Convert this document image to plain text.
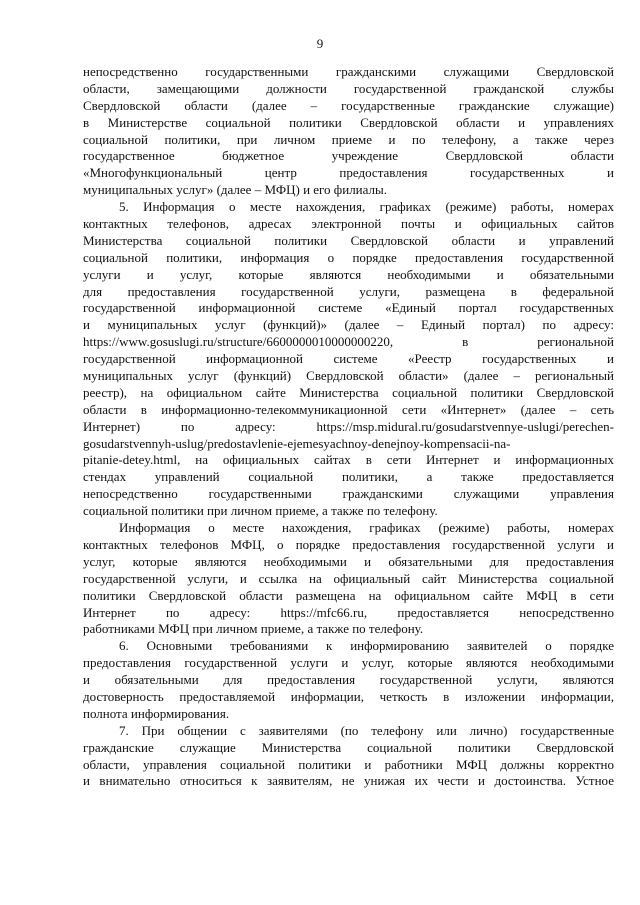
9
непосредственно государственными гражданскими служащими Свердловской
области, замещающими должности государственной гражданской службы
Свердловской области (далее – государственные гражданские служащие)
в Министерстве социальной политики Свердловской области и управлениях
социальной политики, при личном приеме и по телефону, а также через
государственное бюджетное учреждение Свердловской области
«Многофункциональный центр предоставления государственных и
муниципальных услуг» (далее – МФЦ) и его филиалы.
5. Информация о месте нахождения, графиках (режиме) работы, номерах
контактных телефонов, адресах электронной почты и официальных сайтов
Министерства социальной политики Свердловской области и управлений
социальной политики, информация о порядке предоставления государственной
услуги и услуг, которые являются необходимыми и обязательными
для предоставления государственной услуги, размещена в федеральной
государственной информационной системе «Единый портал государственных
и муниципальных услуг (функций)» (далее – Единый портал) по адресу:
https://www.gosuslugi.ru/structure/6600000010000000220, в региональной
государственной информационной системе «Реестр государственных и
муниципальных услуг (функций) Свердловской области» (далее – региональный
реестр), на официальном сайте Министерства социальной политики Свердловской
области в информационно-телекоммуникационной сети «Интернет» (далее – сеть
Интернет) по адресу: https://msp.midural.ru/gosudarstvennye-uslugi/perechen-
gosudarstvennyh-uslug/predostavlenie-ejemesyachnoy-denejnoy-kompensacii-na-
pitanie-detey.html, на официальных сайтах в сети Интернет и информационных
стендах управлений социальной политики, а также предоставляется
непосредственно государственными гражданскими служащими управления
социальной политики при личном приеме, а также по телефону.
Информация о месте нахождения, графиках (режиме) работы, номерах
контактных телефонов МФЦ, о порядке предоставления государственной услуги и
услуг, которые являются необходимыми и обязательными для предоставления
государственной услуги, и ссылка на официальный сайт Министерства социальной
политики Свердловской области размещена на официальном сайте МФЦ в сети
Интернет по адресу: https://mfc66.ru, предоставляется непосредственно
работниками МФЦ при личном приеме, а также по телефону.
6. Основными требованиями к информированию заявителей о порядке
предоставления государственной услуги и услуг, которые являются необходимыми
и обязательными для предоставления государственной услуги, являются
достоверность предоставляемой информации, четкость в изложении информации,
полнота информирования.
7. При общении с заявителями (по телефону или лично) государственные
гражданские служащие Министерства социальной политики Свердловской
области, управления социальной политики и работники МФЦ должны корректно
и внимательно относиться к заявителям, не унижая их чести и достоинства. Устное
